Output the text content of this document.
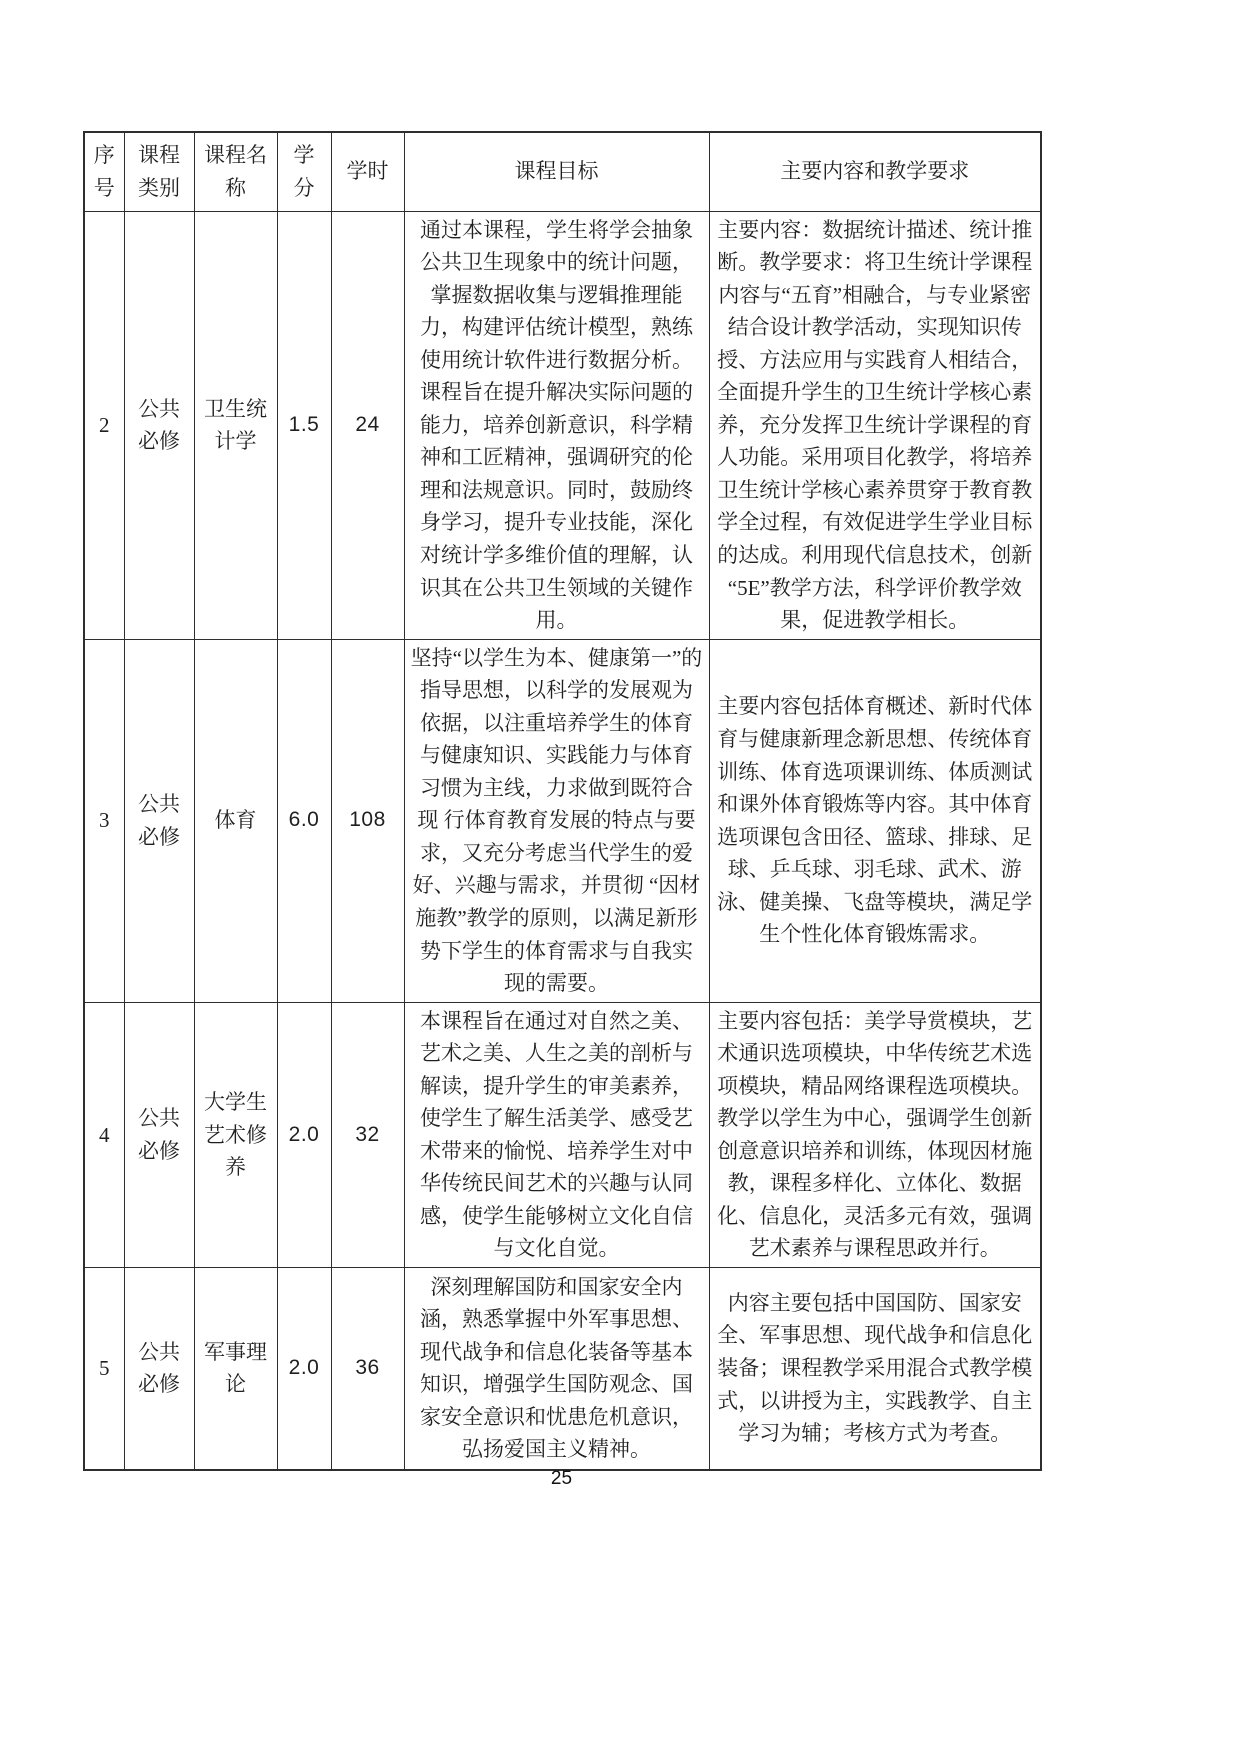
序号	课程类别	课程名称	学分	学时	课程目标	主要内容和教学要求
2	公共必修	卫生统计学	1.5	24	通过本课程，学生将学会抽象公共卫生现象中的统计问题，掌握数据收集与逻辑推理能力，构建评估统计模型，熟练使用统计软件进行数据分析。课程旨在提升解决实际问题的能力，培养创新意识，科学精神和工匠精神，强调研究的伦理和法规意识。同时，鼓励终身学习，提升专业技能，深化对统计学多维价值的理解，认识其在公共卫生领域的关键作用。	主要内容：数据统计描述、统计推断。教学要求：将卫生统计学课程内容与“五育”相融合，与专业紧密结合设计教学活动，实现知识传授、方法应用与实践育人相结合，全面提升学生的卫生统计学核心素养，充分发挥卫生统计学课程的育人功能。采用项目化教学，将培养卫生统计学核心素养贯穿于教育教学全过程，有效促进学生学业目标的达成。利用现代信息技术，创新“5E”教学方法，科学评价教学效果，促进教学相长。
3	公共必修	体育	6.0	108	坚持“以学生为本、健康第一”的指导思想，以科学的发展观为依据，以注重培养学生的体育与健康知识、实践能力与体育习惯为主线，力求做到既符合现 行体育教育发展的特点与要求，又充分考虑当代学生的爱好、兴趣与需求，并贯彻 “因材施教”教学的原则，以满足新形势下学生的体育需求与自我实现的需要。	主要内容包括体育概述、新时代体育与健康新理念新思想、传统体育训练、体育选项课训练、体质测试和课外体育锻炼等内容。其中体育选项课包含田径、篮球、排球、足球、乒乓球、羽毛球、武术、游泳、健美操、飞盘等模块，满足学生个性化体育锻炼需求。
4	公共必修	大学生艺术修养	2.0	32	本课程旨在通过对自然之美、艺术之美、人生之美的剖析与解读，提升学生的审美素养，使学生了解生活美学、感受艺术带来的愉悦、培养学生对中华传统民间艺术的兴趣与认同感，使学生能够树立文化自信与文化自觉。	主要内容包括：美学导赏模块，艺术通识选项模块，中华传统艺术选项模块，精品网络课程选项模块。教学以学生为中心，强调学生创新创意意识培养和训练，体现因材施教，课程多样化、立体化、数据化、信息化，灵活多元有效，强调艺术素养与课程思政并行。
5	公共必修	军事理论	2.0	36	深刻理解国防和国家安全内涵，熟悉掌握中外军事思想、现代战争和信息化装备等基本知识，增强学生国防观念、国家安全意识和忧患危机意识，弘扬爱国主义精神。	内容主要包括中国国防、国家安全、军事思想、现代战争和信息化装备；课程教学采用混合式教学模式，以讲授为主，实践教学、自主学习为辅；考核方式为考查。
25
